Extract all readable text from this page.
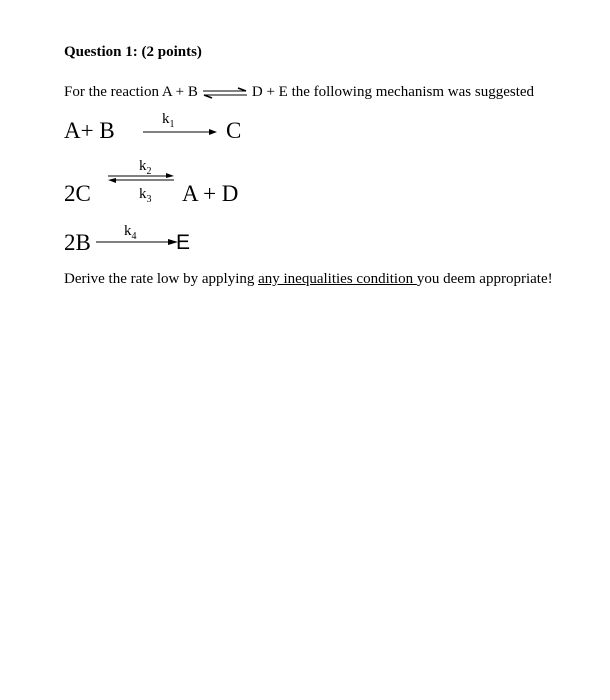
Question 1: (2 points)
For the reaction A + B ⇌ D + E the following mechanism was suggested
A+ B	$k_1$ C
2C
$k_2$
$k_3$ A + D
2B $k_4$ E
Derive the rate low by applying any inequalities condition you deem appropriate!
